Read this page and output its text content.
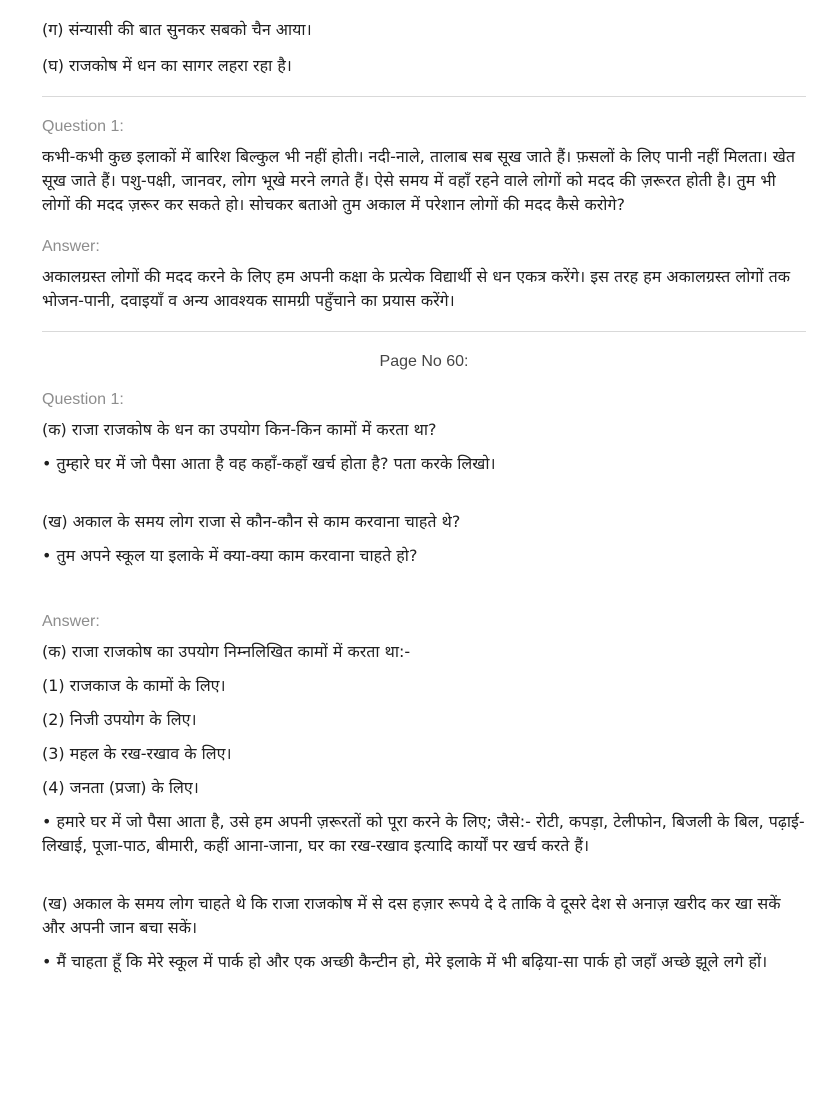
(ग) संन्यासी की बात सुनकर सबको चैन आया।

(घ) राजकोष में धन का सागर लहरा रहा है।

Question 1:

कभी-कभी कुछ इलाकों में बारिश बिल्कुल भी नहीं होती। नदी-नाले, तालाब सब सूख जाते हैं। फ़सलों के लिए पानी नहीं मिलता। खेत सूख जाते हैं। पशु-पक्षी, जानवर, लोग भूखे मरने लगते हैं। ऐसे समय में वहाँ रहने वाले लोगों को मदद की ज़रूरत होती है। तुम भी लोगों की मदद ज़रूर कर सकते हो। सोचकर बताओ तुम अकाल में परेशान लोगों की मदद कैसे करोगे?

Answer:

अकालग्रस्त लोगों की मदद करने के लिए हम अपनी कक्षा के प्रत्येक विद्यार्थी से धन एकत्र करेंगे। इस तरह हम अकालग्रस्त लोगों तक भोजन-पानी, दवाइयाँ व अन्य आवश्यक सामग्री पहुँचाने का प्रयास करेंगे।

Page No 60:

Question 1:

(क) राजा राजकोष के धन का उपयोग किन-किन कामों में करता था?

• तुम्हारे घर में जो पैसा आता है वह कहाँ-कहाँ खर्च होता है? पता करके लिखो।

(ख) अकाल के समय लोग राजा से कौन-कौन से काम करवाना चाहते थे?

• तुम अपने स्कूल या इलाके में क्या-क्या काम करवाना चाहते हो?

Answer:

(क) राजा राजकोष का उपयोग निम्नलिखित कामों में करता था:-

(1) राजकाज के कामों के लिए।

(2) निजी उपयोग के लिए।

(3) महल के रख-रखाव के लिए।

(4) जनता (प्रजा) के लिए।

• हमारे घर में जो पैसा आता है, उसे हम अपनी ज़रूरतों को पूरा करने के लिए; जैसे:- रोटी, कपड़ा, टेलीफोन, बिजली के बिल, पढ़ाई-लिखाई, पूजा-पाठ, बीमारी, कहीं आना-जाना, घर का रख-रखाव इत्यादि कार्यों पर खर्च करते हैं।

(ख) अकाल के समय लोग चाहते थे कि राजा राजकोष में से दस हज़ार रूपये दे दे ताकि वे दूसरे देश से अनाज़ खरीद कर खा सकें और अपनी जान बचा सकें।

• मैं चाहता हूँ कि मेरे स्कूल में पार्क हो और एक अच्छी कैन्टीन हो, मेरे इलाके में भी बढ़िया-सा पार्क हो जहाँ अच्छे झूले लगे हों।
